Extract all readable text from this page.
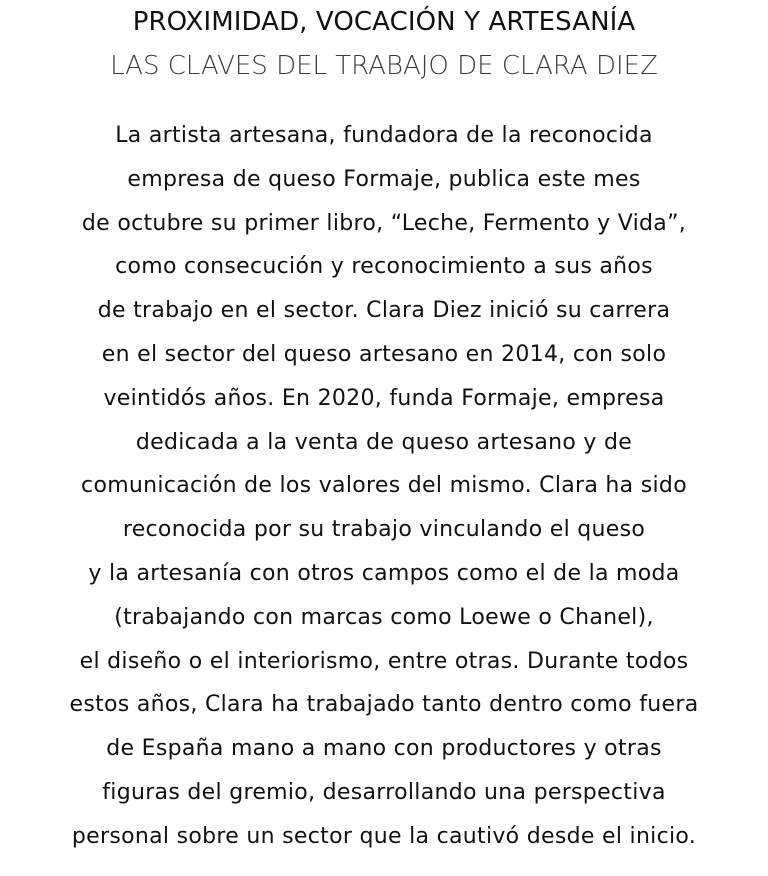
PROXIMIDAD, VOCACIÓN Y ARTESANÍA
LAS CLAVES DEL TRABAJO DE CLARA DIEZ
La artista artesana, fundadora de la reconocida
empresa de queso Formaje, publica este mes
de octubre su primer libro, “Leche, Fermento y Vida”,
como consecución y reconocimiento a sus años
de trabajo en el sector. Clara Diez inició su carrera
en el sector del queso artesano en 2014, con solo
veintidós años. En 2020, funda Formaje, empresa
dedicada a la venta de queso artesano y de
comunicación de los valores del mismo. Clara ha sido
reconocida por su trabajo vinculando el queso
y la artesanía con otros campos como el de la moda
(trabajando con marcas como Loewe o Chanel),
el diseño o el interiorismo, entre otras. Durante todos
estos años, Clara ha trabajado tanto dentro como fuera
de España mano a mano con productores y otras
figuras del gremio, desarrollando una perspectiva
personal sobre un sector que la cautivó desde el inicio.
